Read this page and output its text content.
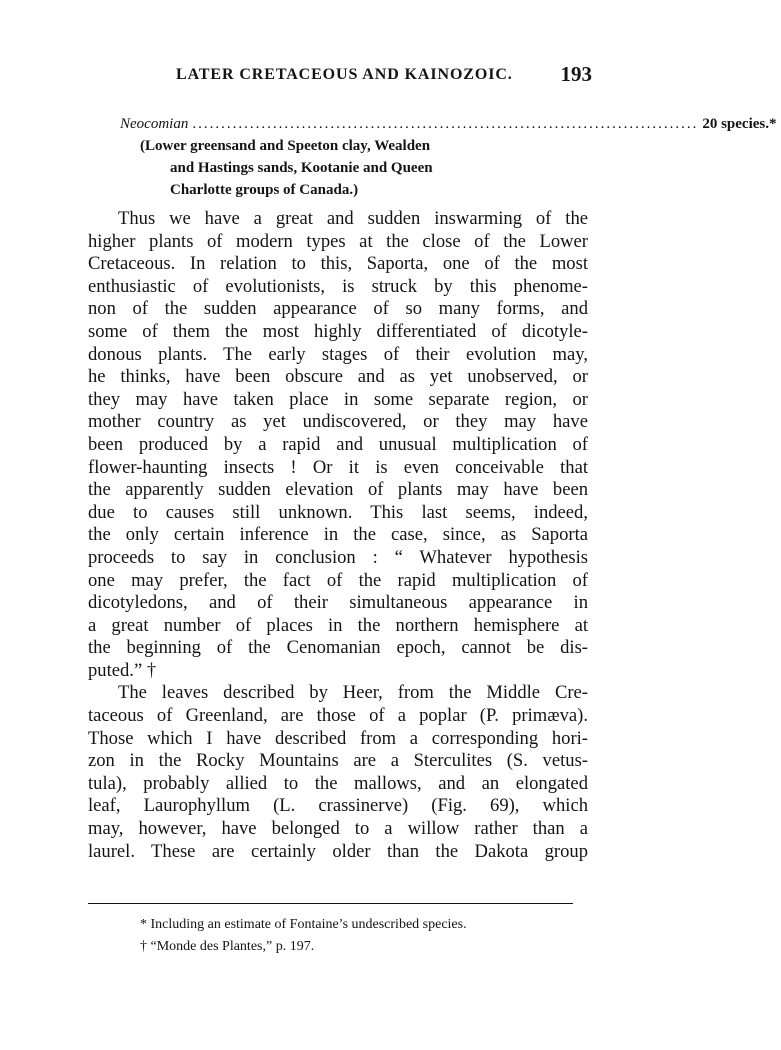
LATER CRETACEOUS AND KAINOZOIC. 193
Neocomian ........................................................................................ 20 species.*
(Lower greensand and Speeton clay, Wealden
and Hastings sands, Kootanie and Queen
Charlotte groups of Canada.)
Thus we have a great and sudden inswarming of the
higher plants of modern types at the close of the Lower
Cretaceous. In relation to this, Saporta, one of the most
enthusiastic of evolutionists, is struck by this phenome-
non of the sudden appearance of so many forms, and
some of them the most highly differentiated of dicotyle-
donous plants. The early stages of their evolution may,
he thinks, have been obscure and as yet unobserved, or
they may have taken place in some separate region, or
mother country as yet undiscovered, or they may have
been produced by a rapid and unusual multiplication of
flower-haunting insects ! Or it is even conceivable that
the apparently sudden elevation of plants may have been
due to causes still unknown. This last seems, indeed,
the only certain inference in the case, since, as Saporta
proceeds to say in conclusion : “ Whatever hypothesis
one may prefer, the fact of the rapid multiplication of
dicotyledons, and of their simultaneous appearance in
a great number of places in the northern hemisphere at
the beginning of the Cenomanian epoch, cannot be dis-
puted.” †
The leaves described by Heer, from the Middle Cre-
taceous of Greenland, are those of a poplar (P. primæva).
Those which I have described from a corresponding hori-
zon in the Rocky Mountains are a Sterculites (S. vetus-
tula), probably allied to the mallows, and an elongated
leaf, Laurophyllum (L. crassinerve) (Fig. 69), which
may, however, have belonged to a willow rather than a
laurel. These are certainly older than the Dakota group
* Including an estimate of Fontaine’s undescribed species.
† “Monde des Plantes,” p. 197.
